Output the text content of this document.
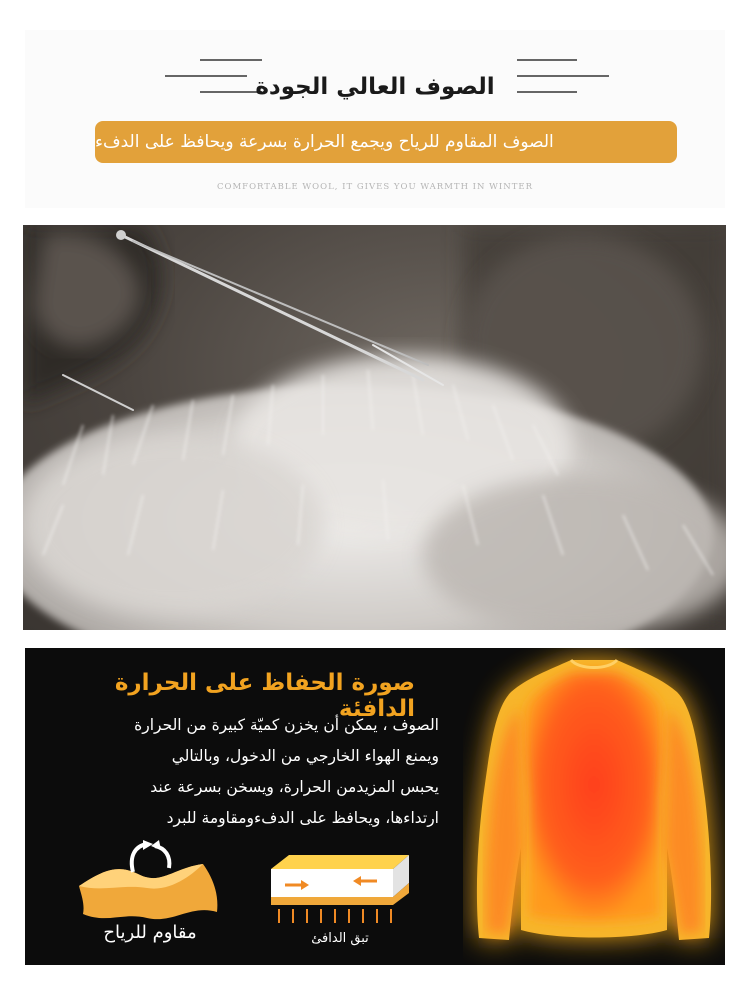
الصوف العالي الجودة
الصوف المقاوم للرياح ويجمع الحرارة بسرعة ويحافظ على الدفء
COMFORTABLE WOOL, IT GIVES YOU WARMTH IN WINTER
صورة الحفاظ على الحرارة الدافئة
الصوف ، يمكن أن يخزن كميّة كبيرة من الحرارة
ويمنع الهواء الخارجي من الدخول، وبالتالي
يحبس المزيدمن الحرارة، ويسخن بسرعة عند
ارتداءها، ويحافظ على الدفءومقاومة للبرد
مقاوم للرياح	تبق الدافئ
